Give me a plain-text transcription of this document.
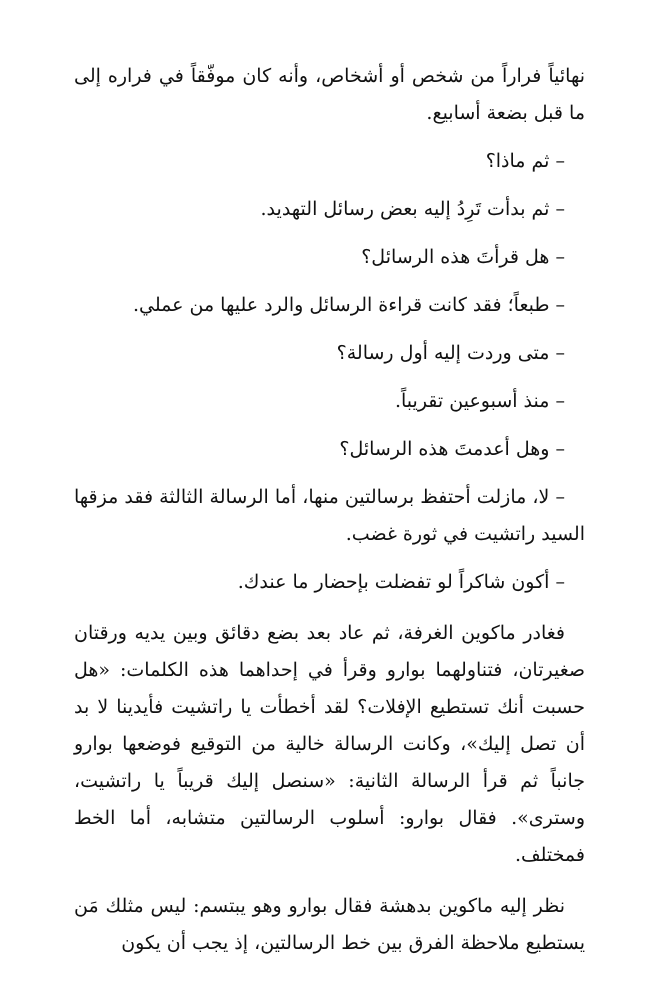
نهائياً فراراً من شخص أو أشخاص، وأنه كان موفّقاً في فراره إلى ما قبل بضعة أسابيع.

– ثم ماذا؟

– ثم بدأت تَرِدُ إليه بعض رسائل التهديد.

– هل قرأتَ هذه الرسائل؟

– طبعاً؛ فقد كانت قراءة الرسائل والرد عليها من عملي.

– متى وردت إليه أول رسالة؟

– منذ أسبوعين تقريباً.

– وهل أعدمتَ هذه الرسائل؟

– لا، مازلت أحتفظ برسالتين منها، أما الرسالة الثالثة فقد مزقها السيد راتشيت في ثورة غضب.

– أكون شاكراً لو تفضلت بإحضار ما عندك.

فغادر ماكوين الغرفة، ثم عاد بعد بضع دقائق وبين يديه ورقتان صغيرتان، فتناولهما بوارو وقرأ في إحداهما هذه الكلمات: «هل حسبت أنك تستطيع الإفلات؟ لقد أخطأت يا راتشيت فأيدينا لا بد أن تصل إليك»، وكانت الرسالة خالية من التوقيع فوضعها بوارو جانباً ثم قرأ الرسالة الثانية: «سنصل إليك قريباً يا راتشيت، وسترى». فقال بوارو: أسلوب الرسالتين متشابه، أما الخط فمختلف.

نظر إليه ماكوين بدهشة فقال بوارو وهو يبتسم: ليس مثلك مَن يستطيع ملاحظة الفرق بين خط الرسالتين، إذ يجب أن يكون
